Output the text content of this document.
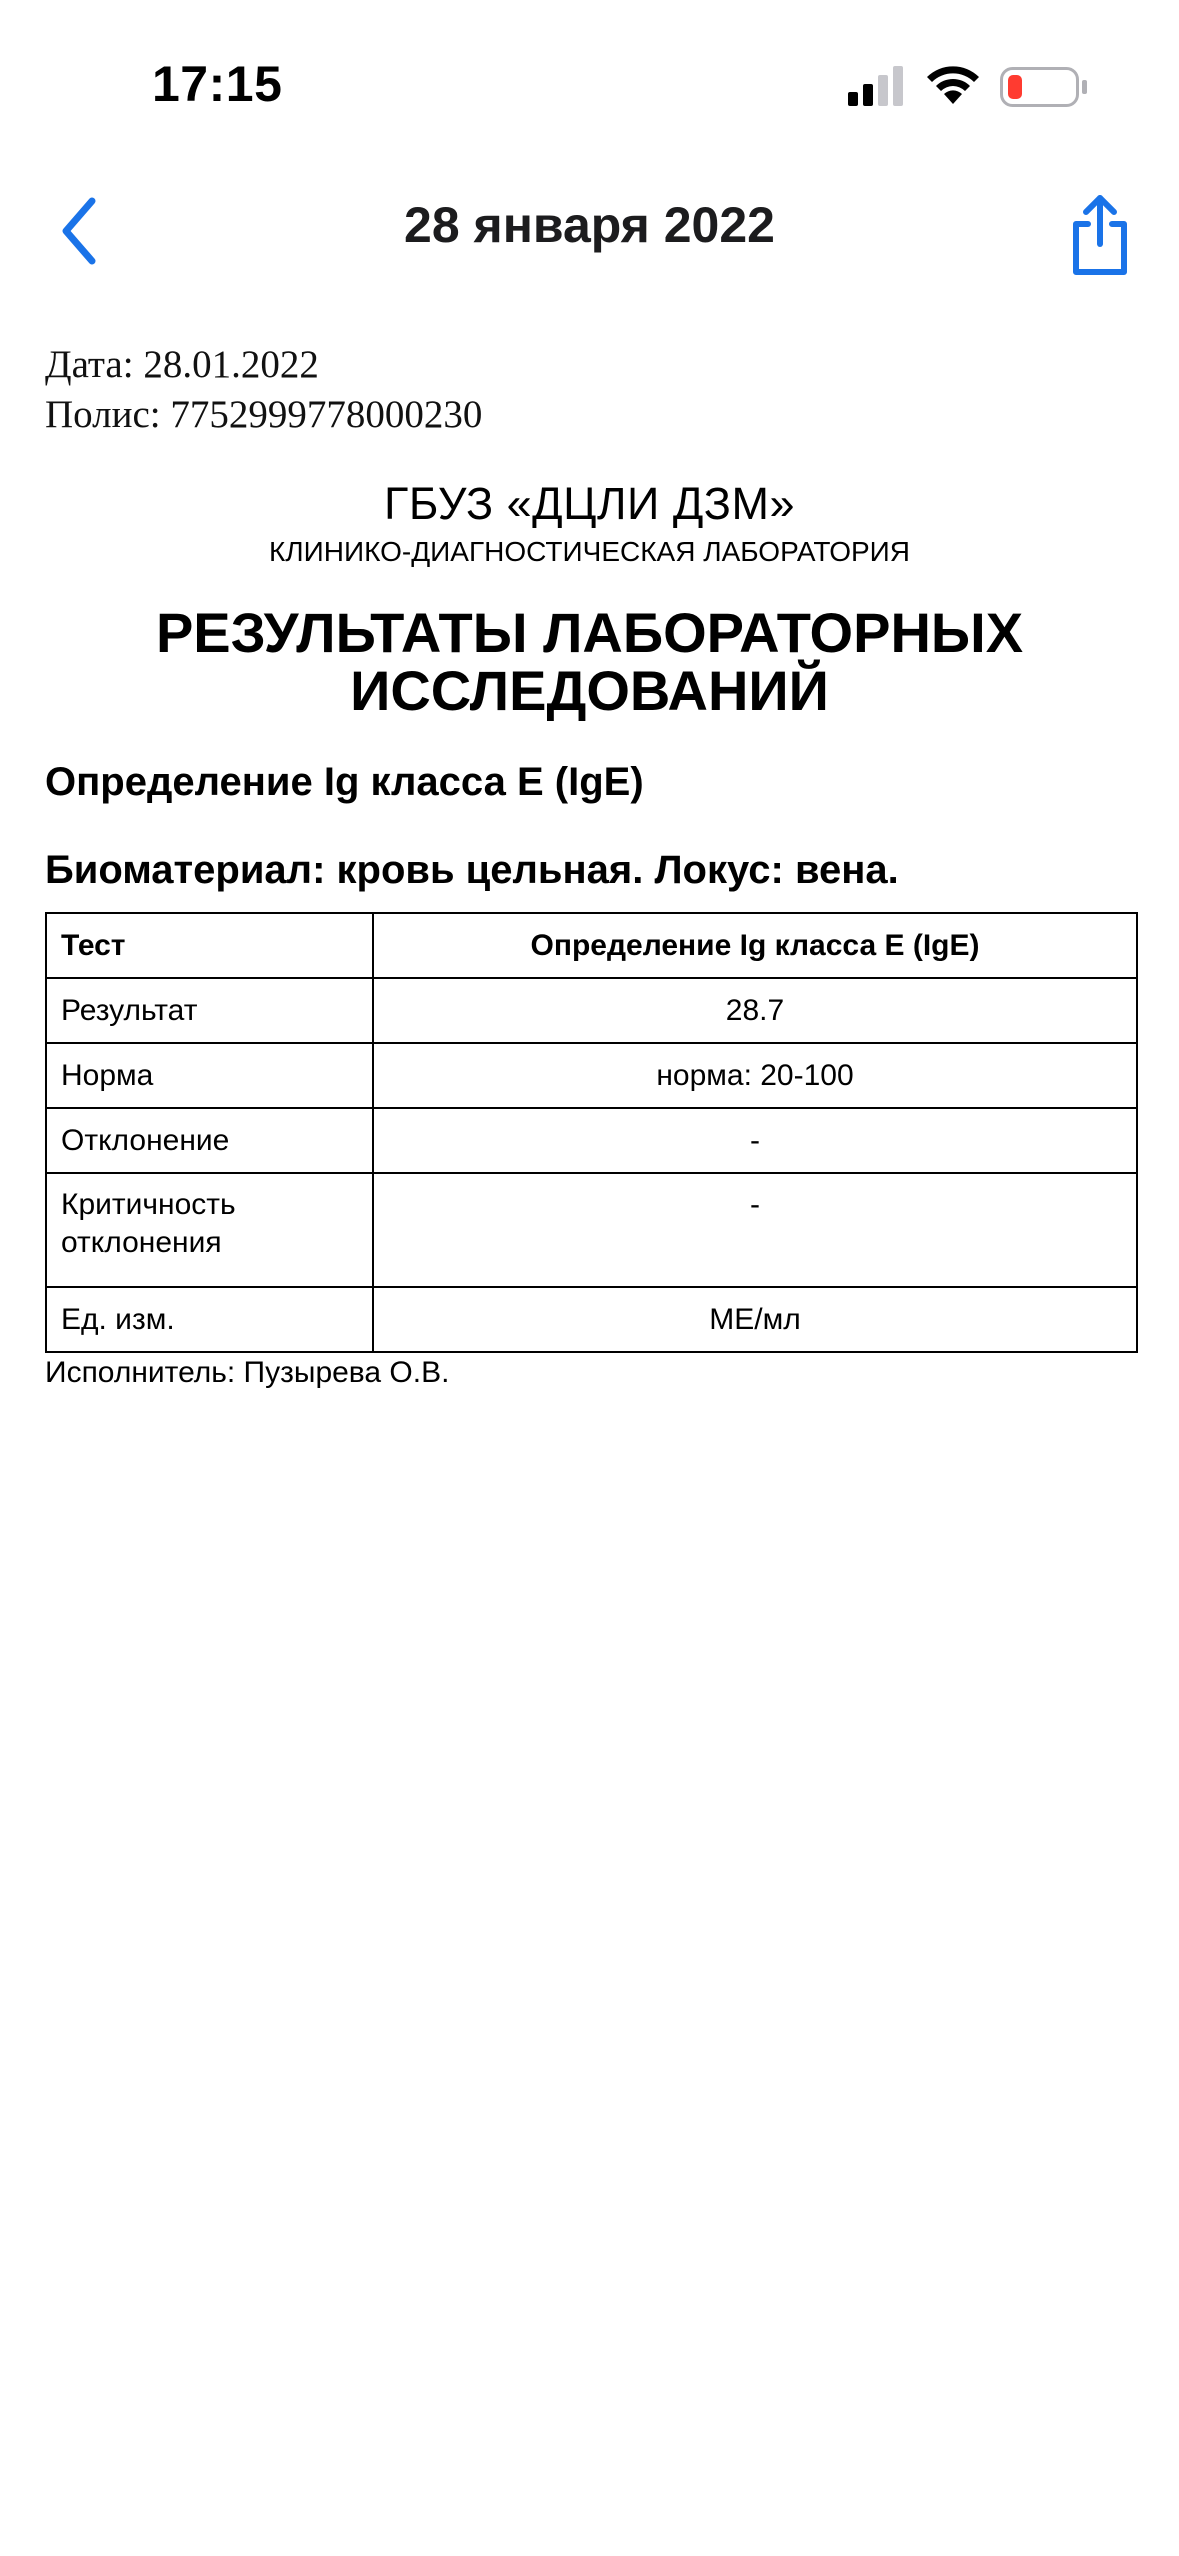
17:15
28 января 2022
Дата: 28.01.2022
Полис: 7752999778000230
ГБУЗ «ДЦЛИ ДЗМ»
КЛИНИКО-ДИАГНОСТИЧЕСКАЯ ЛАБОРАТОРИЯ
РЕЗУЛЬТАТЫ ЛАБОРАТОРНЫХ
ИССЛЕДОВАНИЙ
Определение Ig класса E (IgE)
Биоматериал: кровь цельная. Локус: вена.
Тест	Определение Ig класса E (IgE)
Результат	28.7
Норма	норма: 20-100
Отклонение	-
Критичность отклонения	-
Ед. изм.	МЕ/мл
Исполнитель: Пузырева О.В.
